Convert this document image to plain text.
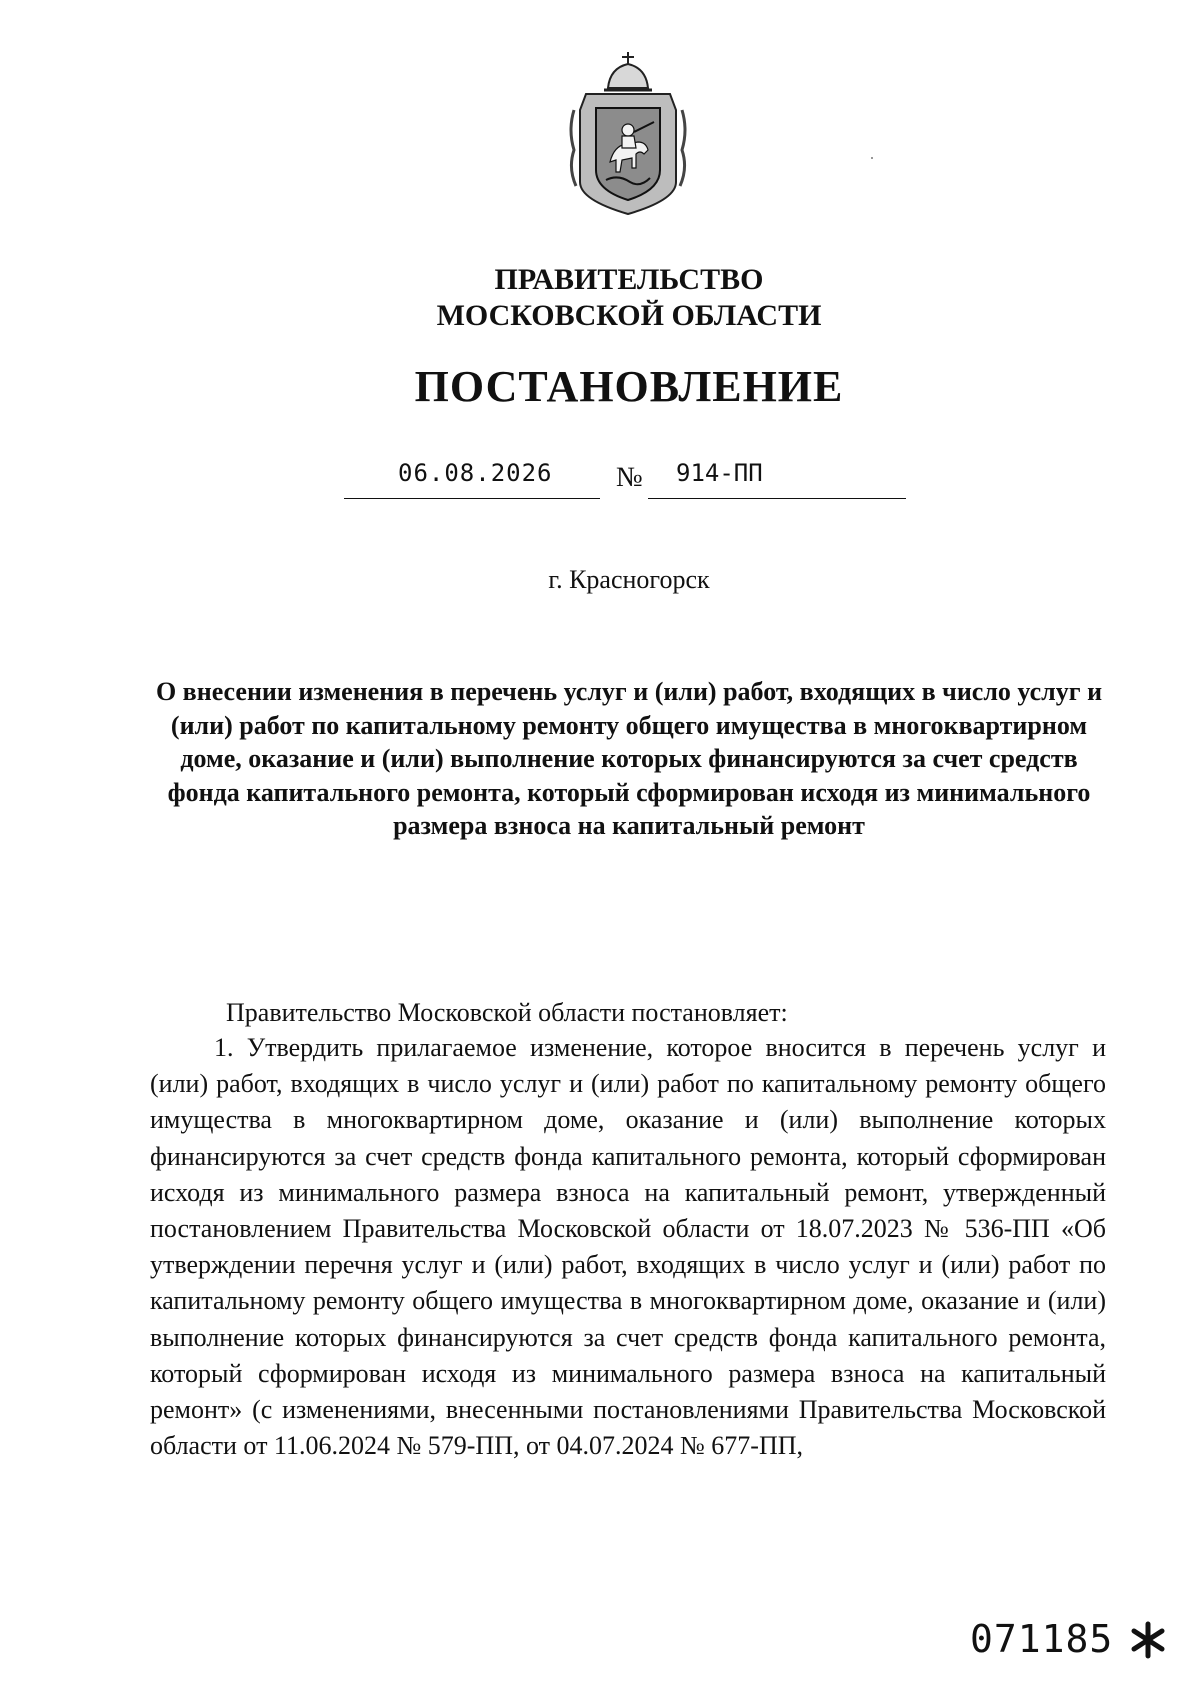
ПРАВИТЕЛЬСТВО
МОСКОВСКОЙ ОБЛАСТИ
ПОСТАНОВЛЕНИЕ
06.08.2026 № 914-ПП
г. Красногорск
О внесении изменения в перечень услуг и (или) работ, входящих в число услуг и (или) работ по капитальному ремонту общего имущества в многоквартирном доме, оказание и (или) выполнение которых финансируются за счет средств фонда капитального ремонта, который сформирован исходя из минимального размера взноса на капитальный ремонт
Правительство Московской области постановляет:
1. Утвердить прилагаемое изменение, которое вносится в перечень услуг и (или) работ, входящих в число услуг и (или) работ по капитальному ремонту общего имущества в многоквартирном доме, оказание и (или) выполнение которых финансируются за счет средств фонда капитального ремонта, который сформирован исходя из минимального размера взноса на капитальный ремонт, утвержденный постановлением Правительства Московской области от 18.07.2023 № 536-ПП «Об утверждении перечня услуг и (или) работ, входящих в число услуг и (или) работ по капитальному ремонту общего имущества в многоквартирном доме, оказание и (или) выполнение которых финансируются за счет средств фонда капитального ремонта, который сформирован исходя из минимального размера взноса на капитальный ремонт» (с изменениями, внесенными постановлениями Правительства Московской области от 11.06.2024 № 579-ПП, от 04.07.2024 № 677-ПП,
071185
